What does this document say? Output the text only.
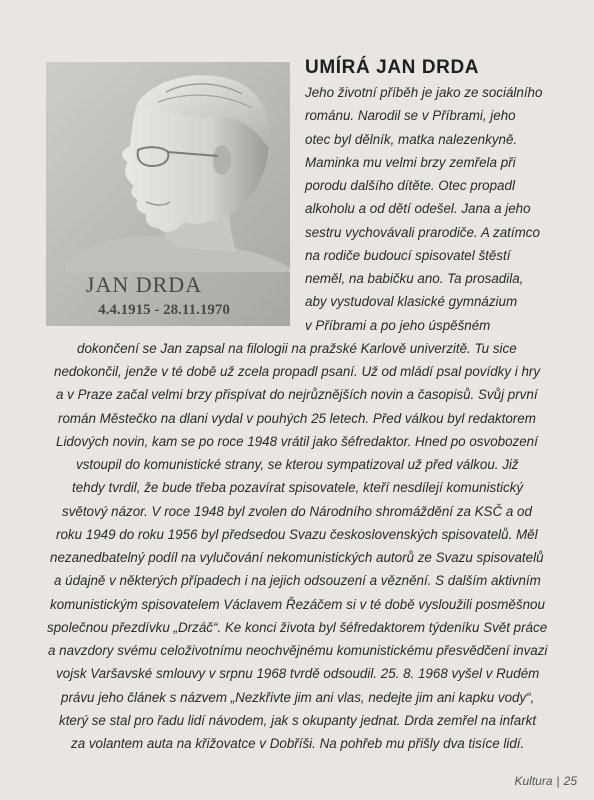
JAN DRDA
4.4.1915 - 28.11.1970
UMÍRÁ JAN DRDA
Jeho životní příběh je jako ze sociálního
románu. Narodil se v Příbrami, jeho
otec byl dělník, matka nalezenkyně.
Maminka mu velmi brzy zemřela při
porodu dalšího dítěte. Otec propadl
alkoholu a od dětí odešel. Jana a jeho
sestru vychovávali prarodiče. A zatímco
na rodiče budoucí spisovatel štěstí
neměl, na babičku ano. Ta prosadila,
aby vystudoval klasické gymnázium
v Příbrami a po jeho úspěšném
dokončení se Jan zapsal na filologii na pražské Karlově univerzitě. Tu sice
nedokončil, jenže v té době už zcela propadl psaní. Už od mládí psal povídky i hry
a v Praze začal velmi brzy přispívat do nejrůznějších novin a časopisů. Svůj první
román Městečko na dlani vydal v pouhých 25 letech. Před válkou byl redaktorem
Lidových novin, kam se po roce 1948 vrátil jako šéfredaktor. Hned po osvobození
vstoupil do komunistické strany, se kterou sympatizoval už před válkou. Již
tehdy tvrdil, že bude třeba pozavírat spisovatele, kteří nesdílejí komunistický
světový názor. V roce 1948 byl zvolen do Národního shromáždění za KSČ a od
roku 1949 do roku 1956 byl předsedou Svazu československých spisovatelů. Měl
nezanedbatelný podíl na vylučování nekomunistických autorů ze Svazu spisovatelů
a údajně v některých případech i na jejich odsouzení a věznění. S dalším aktivním
komunistickým spisovatelem Václavem Řezáčem si v té době vysloužili posměšnou
společnou přezdívku „Drzáč“. Ke konci života byl šéfredaktorem týdeníku Svět práce
a navzdory svému celoživotnímu neochvějnému komunistickému přesvědčení invazi
vojsk Varšavské smlouvy v srpnu 1968 tvrdě odsoudil. 25. 8. 1968 vyšel v Rudém
právu jeho článek s názvem „Nezkřivte jim ani vlas, nedejte jim ani kapku vody“,
který se stal pro řadu lidí návodem, jak s okupanty jednat. Drda zemřel na infarkt
za volantem auta na křižovatce v Dobříši. Na pohřeb mu přišly dva tisíce lidí.
Kultura | 25
